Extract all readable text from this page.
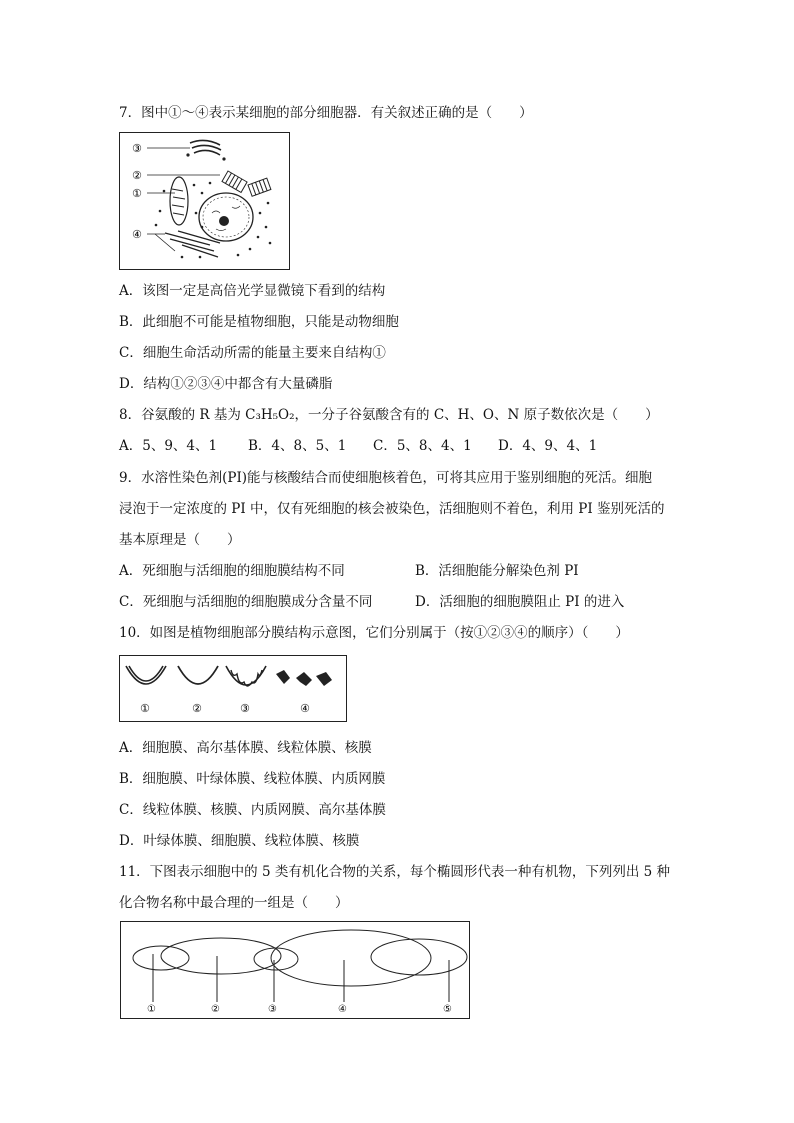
7．图中①～④表示某细胞的部分细胞器．有关叙述正确的是（　　）
③
②
①
④
A．该图一定是高倍光学显微镜下看到的结构
B．此细胞不可能是植物细胞，只能是动物细胞
C．细胞生命活动所需的能量主要来自结构①
D．结构①②③④中都含有大量磷脂
8．谷氨酸的 R 基为 C₃H₅O₂，一分子谷氨酸含有的 C、H、O、N 原子数依次是（　　）
A．5、9、4、1 B．4、8、5、1 C．5、8、4、1 D．4、9、4、1
9．水溶性染色剂(PI)能与核酸结合而使细胞核着色，可将其应用于鉴别细胞的死活。细胞
浸泡于一定浓度的 PI 中，仅有死细胞的核会被染色，活细胞则不着色，利用 PI 鉴别死活的
基本原理是（　　）
A．死细胞与活细胞的细胞膜结构不同	B．活细胞能分解染色剂 PI
C．死细胞与活细胞的细胞膜成分含量不同	D．活细胞的细胞膜阻止 PI 的进入
10．如图是植物细胞部分膜结构示意图，它们分别属于（按①②③④的顺序）（　　）
①	②	③	④
A．细胞膜、高尔基体膜、线粒体膜、核膜
B．细胞膜、叶绿体膜、线粒体膜、内质网膜
C．线粒体膜、核膜、内质网膜、高尔基体膜
D．叶绿体膜、细胞膜、线粒体膜、核膜
11．下图表示细胞中的 5 类有机化合物的关系，每个椭圆形代表一种有机物，下列列出 5 种
化合物名称中最合理的一组是（　　）
①	②	③	④	⑤
